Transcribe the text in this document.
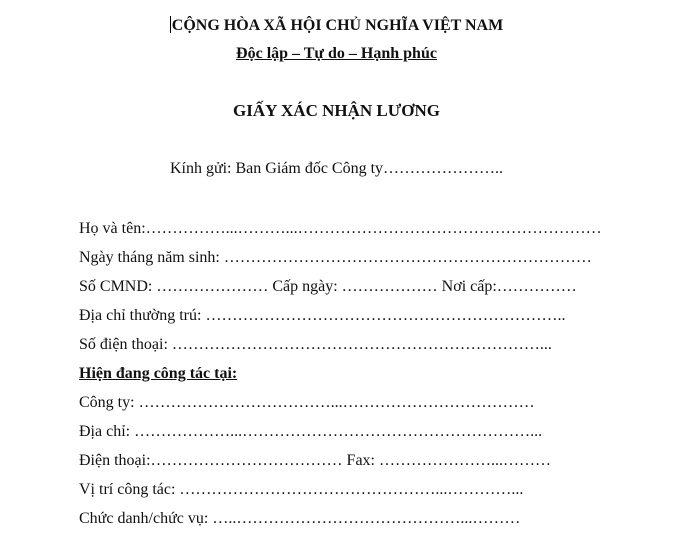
CỘNG HÒA XÃ HỘI CHỦ NGHĨA VIỆT NAM
Độc lập – Tự do – Hạnh phúc
GIẤY XÁC NHẬN LƯƠNG
Kính gửi: Ban Giám đốc Công ty…………………..
Họ và tên:……………...………...…………………………………………………
Ngày tháng năm sinh: ……………………………………………………………
Số CMND: ………………… Cấp ngày: ……………… Nơi cấp:……………
Địa chỉ thường trú: …………………………………………………………..
Số điện thoại: ……………………………………………………………...
Hiện đang công tác tại:
Công ty: ………………………………...………………………………
Địa chỉ: ………………...………………………………………………...
Điện thoại:……………………………… Fax: …………………...………
Vị trí công tác: …………………………………………...…………...
Chức danh/chức vụ: …..……………………………………...………
